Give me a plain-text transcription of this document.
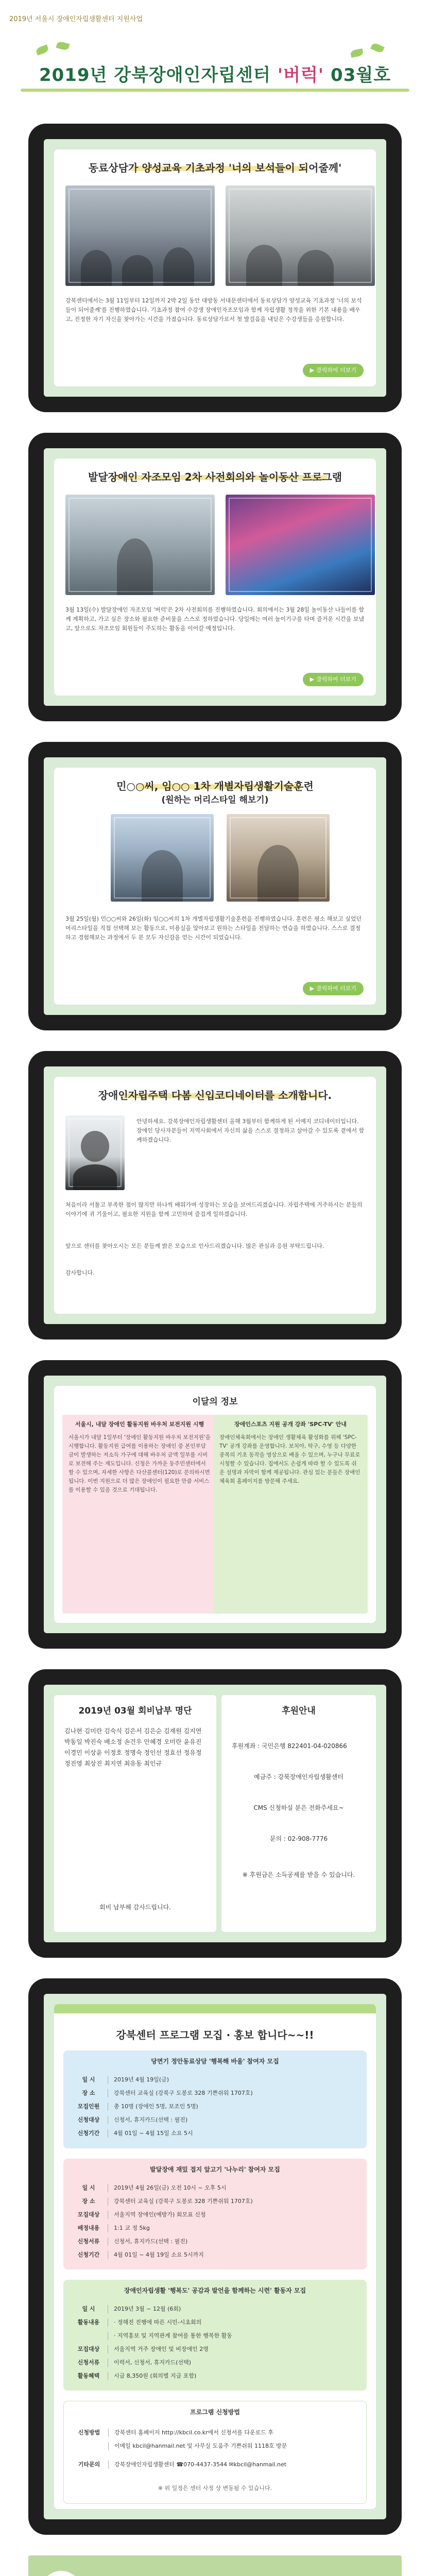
2019년 서울시 장애인자립생활센터 지원사업
2019년 강북장애인자립센터 '버럭' 03월호
동료상담가 양성교육 기초과정 '너의 보석들이 되어줄께'
강북센터에서는 3월 11일부터 12일까지 2박 2일 동안 대방동 서대문센터에서 동료상담가 양성교육 기초과정 '너의 보석들이 되어줄께'를 진행하였습니다. 기초과정 참여 수강생 장애인자조모임과 함께 자립생활 정착을 위한 기본 내용을 배우고, 진정한 자기 자신을 찾아가는 시간을 가졌습니다. 동료상담가로서 첫 발걸음을 내딛은 수강생들을 응원합니다.
▶ 클릭하여 더보기
발달장애인 자조모임 2차 사전회의와 놀이동산 프로그램
3월 13일(수) 발달장애인 자조모임 '버럭'은 2차 사전회의를 진행하였습니다. 회의에서는 3월 28일 놀이동산 나들이를 함께 계획하고, 가고 싶은 장소와 필요한 준비물을 스스로 정하였습니다. 당일에는 여러 놀이기구를 타며 즐거운 시간을 보냈고, 앞으로도 자조모임 회원들이 주도하는 활동을 이어갈 예정입니다.
▶ 클릭하여 더보기
민○○씨, 임○○ 1차 개별자립생활기술훈련
(원하는 머리스타일 해보기)
3월 25일(월) 민○○씨와 26일(화) 임○○씨의 1차 개별자립생활기술훈련을 진행하였습니다. 훈련은 평소 해보고 싶었던 머리스타일을 직접 선택해 보는 활동으로, 미용실을 알아보고 원하는 스타일을 전달하는 연습을 하였습니다. 스스로 결정하고 경험해보는 과정에서 두 분 모두 자신감을 얻는 시간이 되었습니다.
▶ 클릭하여 더보기
장애인자립주택 다봄 신입코디네이터를 소개합니다.
안녕하세요. 강북장애인자립생활센터 올해 3월부터 함께하게 된 서예지 코디네이터입니다. 장애인 당사자분들이 지역사회에서 자신의 삶을 스스로 결정하고 살아갈 수 있도록 곁에서 함께하겠습니다.
처음이라 서툴고 부족한 점이 많지만 하나씩 배워가며 성장하는 모습을 보여드리겠습니다. 자립주택에 거주하시는 분들의 이야기에 귀 기울이고, 필요한 지원을 함께 고민하며 즐겁게 일하겠습니다.
앞으로 센터를 찾아오시는 모든 분들께 밝은 모습으로 인사드리겠습니다. 많은 관심과 응원 부탁드립니다.
감사합니다.
이달의 정보
서울시, 내달 장애인 활동지원 바우처 보전지원 시행
서울시가 내달 1일부터 '장애인 활동지원 바우처 보전지원'을 시행합니다. 활동지원 급여를 이용하는 장애인 중 본인부담금이 발생하는 저소득 가구에 대해 바우처 금액 일부를 시비로 보전해 주는 제도입니다. 신청은 가까운 동주민센터에서 할 수 있으며, 자세한 사항은 다산콜센터(120)로 문의하시면 됩니다. 이번 지원으로 더 많은 장애인이 필요한 만큼 서비스를 이용할 수 있을 것으로 기대됩니다.
장애인스포츠 지원 공개 강좌 'SPC-TV' 안내
장애인체육회에서는 장애인 생활체육 활성화를 위해 'SPC-TV' 공개 강좌를 운영합니다. 보치아, 탁구, 수영 등 다양한 종목의 기초 동작을 영상으로 배울 수 있으며, 누구나 무료로 시청할 수 있습니다. 집에서도 손쉽게 따라 할 수 있도록 쉬운 설명과 자막이 함께 제공됩니다. 관심 있는 분들은 장애인체육회 홈페이지를 방문해 주세요.
2019년 03월 회비납부 명단
김나현 김미란 김숙식 김은서 김은순 김재원 김지연 박동일 박진숙 배소정 손건우 안혜경 오미란 윤유진 이경민 이상윤 이정호 정명숙 정인선 정효선 정유정 정진영 최상진 최지연 최유동 최인규
회비 납부해 감사드립니다.
후원안내
후원계좌 : 국민은행 822401-04-020866
예금주 : 강북장애인자립생활센터
CMS 신청하실 분은 전화주세요~
문의 : 02-908-7776
※ 후원금은 소득공제를 받을 수 있습니다.
강북센터 프로그램 모집 · 홍보 합니다~~!!
당면기 정안동료상담 '행복해 바울' 참여자 모집
일 시	2019년 4월 19일(금)
장 소	강북센터 교육실 (강북구 도봉로 328 기쁜쉬워 1707호)
모집인원	총 10명 (장애인 5명, 보조인 5명)
신청대상	신청서, 휴지카드(선택 : 필진)
신청기간	4월 01일 ~ 4월 15일 소요 5시
발달장애 재밌 접지 앞고기 '나누리' 참여자 모집
일 시	2019년 4월 26일(금) 오전 10시 ~ 오후 5시
장 소	강북센터 교육실 (강북구 도봉로 328 기쁜쉬워 1707호)
모집대상	서울지역 장애인(예방가) 회모표 신청
배정내용	1:1 교 정 5kg
신청서류	신청서, 휴지카드(선택 : 필진)
신청기간	4월 01일 ~ 4월 19일 소요 5시까지
장애인자립생활 '행복도' 공감과 발언을 함께하는 시련' 활동자 모집
일 시	2019년 3월 ~ 12월 (6회)
활동내용	· 정해진 진행에 따른 시민-시초회의
· 지역홍보 및 지역관계 참여를 통한 행복한 활동
모집대상	서울지역 거주 장애인 및 비장애인 2명
신청서류	이력서, 신청서, 휴지카드(선택)
활동혜택	시급 8,350원 (회의별 지급 포함)
프로그램 신청방법
신청방법	강북센터 홈페이지 http://kbcil.co.kr에서 신청서를 다운로드 후
이메일 kbcil@hanmail.net 및 사무실 도움주 기쁜쉬워 1118호 방문
기타문의	강북장애인자립생활센터 ☎070-4437-3544 ✉kbcil@hanmail.net
※ 위 일정은 센터 사정 상 변동될 수 있습니다.
